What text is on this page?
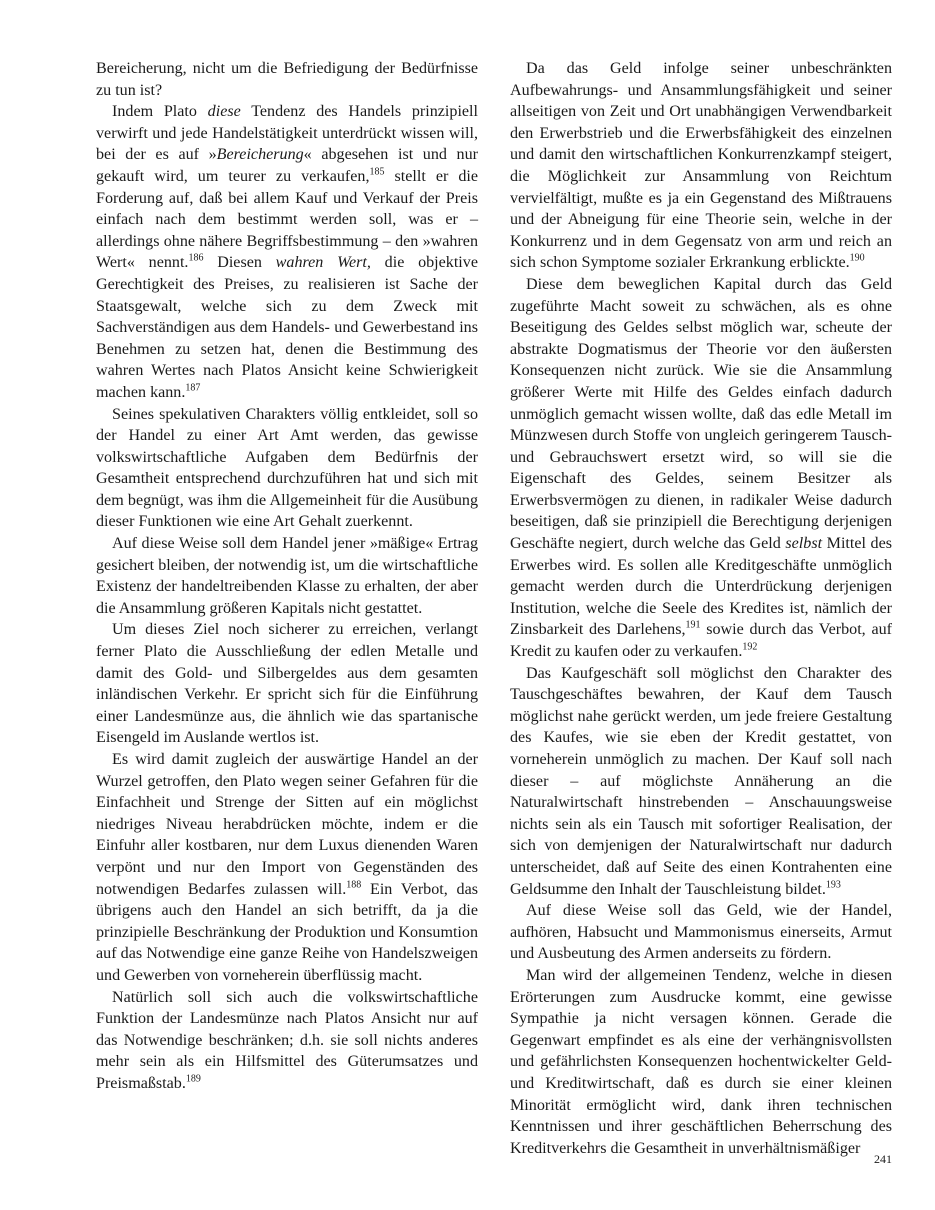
Bereicherung, nicht um die Befriedigung der Bedürfnisse zu tun ist?

Indem Plato diese Tendenz des Handels prinzipiell verwirft und jede Handelstätigkeit unterdrückt wissen will, bei der es auf »Bereicherung« abgesehen ist und nur gekauft wird, um teurer zu verkaufen,$^{185}$ stellt er die Forderung auf, daß bei allem Kauf und Verkauf der Preis einfach nach dem bestimmt werden soll, was er – allerdings ohne nähere Begriffsbestimmung – den »wahren Wert« nennt.$^{186}$ Diesen wahren Wert, die objektive Gerechtigkeit des Preises, zu realisieren ist Sache der Staatsgewalt, welche sich zu dem Zweck mit Sachverständigen aus dem Handels- und Gewerbestand ins Benehmen zu setzen hat, denen die Bestimmung des wahren Wertes nach Platos Ansicht keine Schwierigkeit machen kann.$^{187}$

Seines spekulativen Charakters völlig entkleidet, soll so der Handel zu einer Art Amt werden, das gewisse volkswirtschaftliche Aufgaben dem Bedürfnis der Gesamtheit entsprechend durchzuführen hat und sich mit dem begnügt, was ihm die Allgemeinheit für die Ausübung dieser Funktionen wie eine Art Gehalt zuerkennt.

Auf diese Weise soll dem Handel jener »mäßige« Ertrag gesichert bleiben, der notwendig ist, um die wirtschaftliche Existenz der handeltreibenden Klasse zu erhalten, der aber die Ansammlung größeren Kapitals nicht gestattet.

Um dieses Ziel noch sicherer zu erreichen, verlangt ferner Plato die Ausschließung der edlen Metalle und damit des Gold- und Silbergeldes aus dem gesamten inländischen Verkehr. Er spricht sich für die Einführung einer Landesmünze aus, die ähnlich wie das spartanische Eisengeld im Auslande wertlos ist.

Es wird damit zugleich der auswärtige Handel an der Wurzel getroffen, den Plato wegen seiner Gefahren für die Einfachheit und Strenge der Sitten auf ein möglichst niedriges Niveau herabdrücken möchte, indem er die Einfuhr aller kostbaren, nur dem Luxus dienenden Waren verpönt und nur den Import von Gegenständen des notwendigen Bedarfes zulassen will.$^{188}$ Ein Verbot, das übrigens auch den Handel an sich betrifft, da ja die prinzipielle Beschränkung der Produktion und Konsumtion auf das Notwendige eine ganze Reihe von Handelszweigen und Gewerben von vorneherein überflüssig macht.

Natürlich soll sich auch die volkswirtschaftliche Funktion der Landesmünze nach Platos Ansicht nur auf das Notwendige beschränken; d.h. sie soll nichts anderes mehr sein als ein Hilfsmittel des Güterumsatzes und Preismaßstab.$^{189}$

Da das Geld infolge seiner unbeschränkten Aufbewahrungs- und Ansammlungsfähigkeit und seiner allseitigen von Zeit und Ort unabhängigen Verwendbarkeit den Erwerbstrieb und die Erwerbsfähigkeit des einzelnen und damit den wirtschaftlichen Konkurrenzkampf steigert, die Möglichkeit zur Ansammlung von Reichtum vervielfältigt, mußte es ja ein Gegenstand des Mißtrauens und der Abneigung für eine Theorie sein, welche in der Konkurrenz und in dem Gegensatz von arm und reich an sich schon Symptome sozialer Erkrankung erblickte.$^{190}$

Diese dem beweglichen Kapital durch das Geld zugeführte Macht soweit zu schwächen, als es ohne Beseitigung des Geldes selbst möglich war, scheute der abstrakte Dogmatismus der Theorie vor den äußersten Konsequenzen nicht zurück. Wie sie die Ansammlung größerer Werte mit Hilfe des Geldes einfach dadurch unmöglich gemacht wissen wollte, daß das edle Metall im Münzwesen durch Stoffe von ungleich geringerem Tausch- und Gebrauchswert ersetzt wird, so will sie die Eigenschaft des Geldes, seinem Besitzer als Erwerbsvermögen zu dienen, in radikaler Weise dadurch beseitigen, daß sie prinzipiell die Berechtigung derjenigen Geschäfte negiert, durch welche das Geld selbst Mittel des Erwerbes wird. Es sollen alle Kreditgeschäfte unmöglich gemacht werden durch die Unterdrückung derjenigen Institution, welche die Seele des Kredites ist, nämlich der Zinsbarkeit des Darlehens,$^{191}$ sowie durch das Verbot, auf Kredit zu kaufen oder zu verkaufen.$^{192}$

Das Kaufgeschäft soll möglichst den Charakter des Tauschgeschäftes bewahren, der Kauf dem Tausch möglichst nahe gerückt werden, um jede freiere Gestaltung des Kaufes, wie sie eben der Kredit gestattet, von vorneherein unmöglich zu machen. Der Kauf soll nach dieser – auf möglichste Annäherung an die Naturalwirtschaft hinstrebenden – Anschauungsweise nichts sein als ein Tausch mit sofortiger Realisation, der sich von demjenigen der Naturalwirtschaft nur dadurch unterscheidet, daß auf Seite des einen Kontrahenten eine Geldsumme den Inhalt der Tauschleistung bildet.$^{193}$

Auf diese Weise soll das Geld, wie der Handel, aufhören, Habsucht und Mammonismus einerseits, Armut und Ausbeutung des Armen anderseits zu fördern.

Man wird der allgemeinen Tendenz, welche in diesen Erörterungen zum Ausdrucke kommt, eine gewisse Sympathie ja nicht versagen können. Gerade die Gegenwart empfindet es als eine der verhängnisvollsten und gefährlichsten Konsequenzen hochentwickelter Geld- und Kreditwirtschaft, daß es durch sie einer kleinen Minorität ermöglicht wird, dank ihren technischen Kenntnissen und ihrer geschäftlichen Beherrschung des Kreditverkehrs die Gesamtheit in unverhältnismäßiger

241
